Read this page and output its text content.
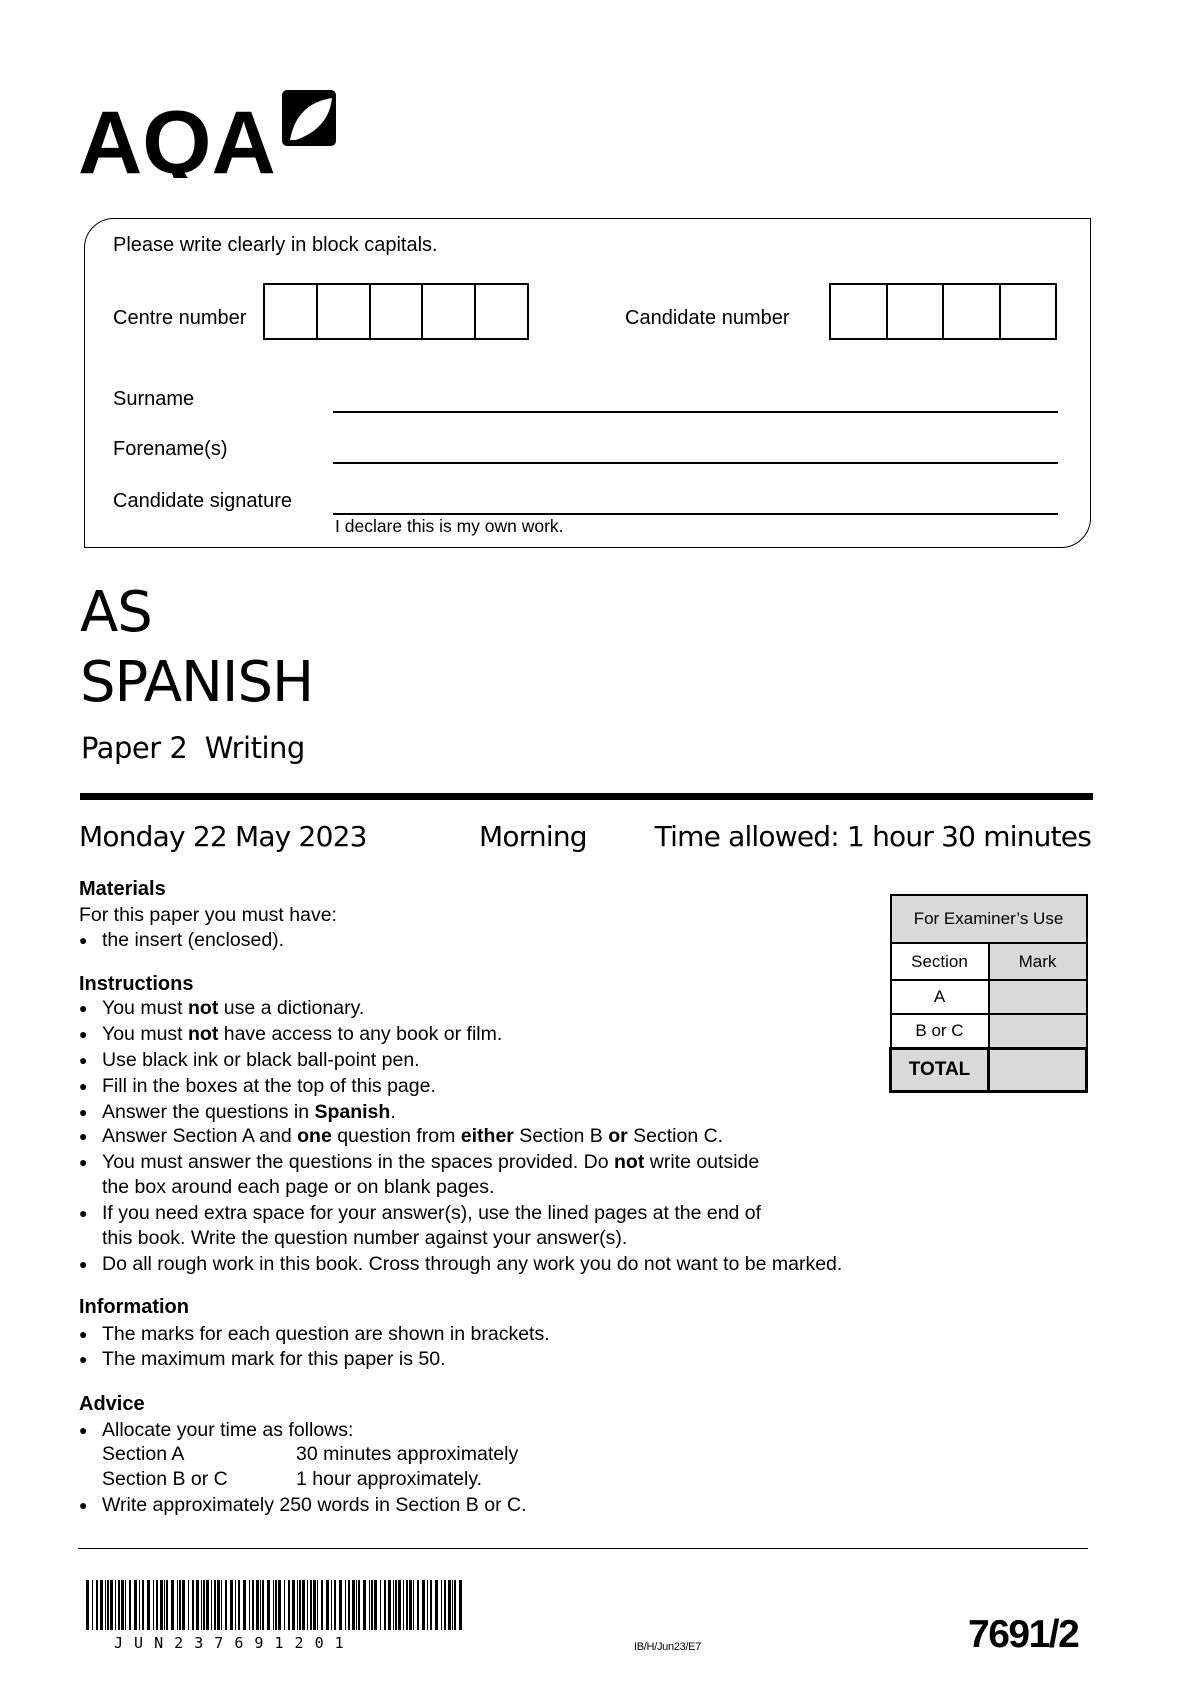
AQA
Please write clearly in block capitals.
Centre number	Candidate number
Surname
Forename(s)
Candidate signature
I declare this is my own work.
AS
SPANISH
Paper 2 Writing
Monday 22 May 2023	Morning Time allowed: 1 hour 30 minutes
Materials
For this paper you must have:
● the insert (enclosed).
Instructions
● You must not use a dictionary.
● You must not have access to any book or film.
● Use black ink or black ball-point pen.
● Fill in the boxes at the top of this page.
● Answer the questions in Spanish.
● Answer Section A and one question from either Section B or Section C.
● You must answer the questions in the spaces provided. Do not write outside
the box around each page or on blank pages.
● If you need extra space for your answer(s), use the lined pages at the end of
this book. Write the question number against your answer(s).
● Do all rough work in this book. Cross through any work you do not want to be marked.
Information
● The marks for each question are shown in brackets.
● The maximum mark for this paper is 50.
Advice
● Allocate your time as follows:
Section A	30 minutes approximately
Section B or C	1 hour approximately.
● Write approximately 250 words in Section B or C.
For Examiner’s Use	
Section	Mark
A	
B or C	
TOTAL	
J U N 2 3 7 6 9 1 2 0 1	IB/H/Jun23/E7	7691/2
